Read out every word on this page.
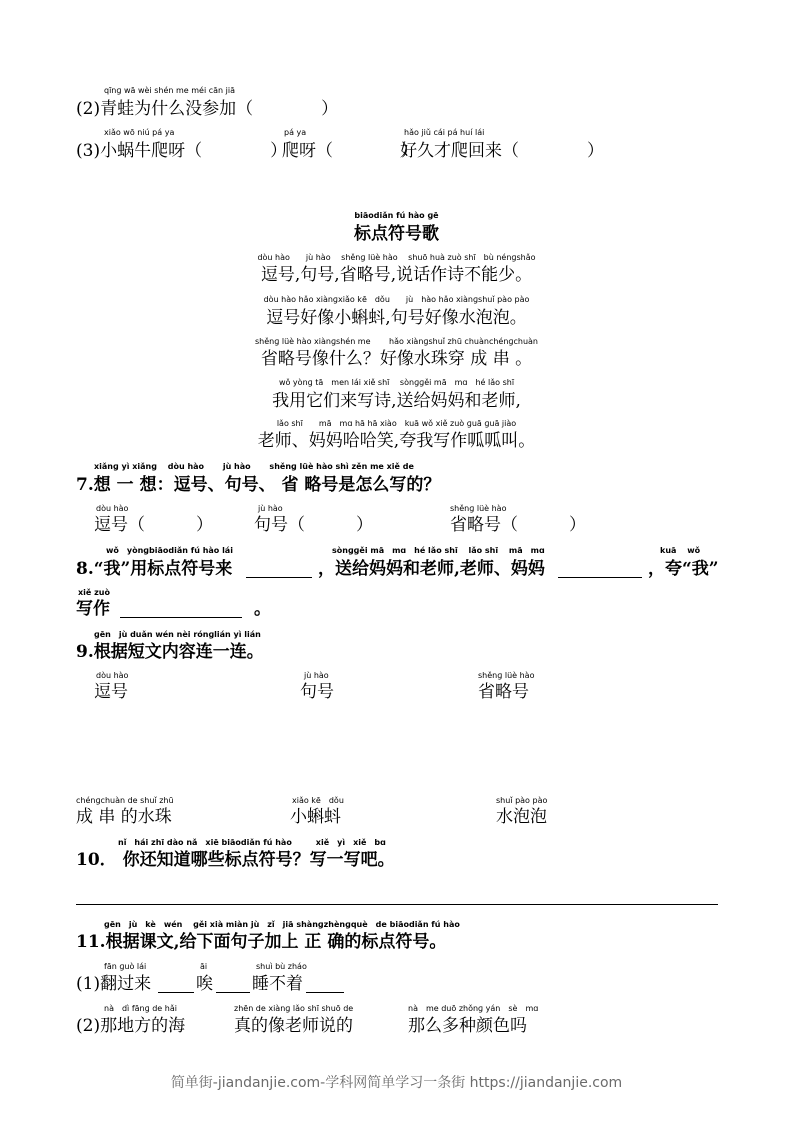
qīnɡ wā wèi shén me méi cān jiā
(2)青蛙为什么没参加（　　　　）
xiǎo wō niú pá ya	pá ya	hǎo jiǔ cái pá huí lái
(3)小蜗牛爬呀（　　　　）
爬呀（　　　　）
好久才爬回来（　　　　）
biāodiǎn fú hào ɡē
标点符号歌
dòu hào　　jù hào　 shěnɡ lüè hào　 shuō huà zuò shī　bù nénɡshǎo
逗号,句号,省略号,说话作诗不能少。
dòu hào hǎo xiànɡxiǎo kē　dǒu　　jù　hào hǎo xiànɡshuǐ pào pào
逗号好像小蝌蚪,句号好像水泡泡。
shěnɡ lüè hào xiànɡshén me　　 hǎo xiànɡshuǐ zhū chuànchénɡchuàn
省略号像什么？好像水珠穿 成 串 。
wǒ yònɡ tā　men lái xiě shī　 sònɡɡěi mā　mɑ　hé lǎo shī
我用它们来写诗,送给妈妈和老师,
lǎo shī　　mā　mɑ hā hā xiào　kuā wǒ xiě zuò ɡuā ɡuā jiào
老师、妈妈哈哈笑,夸我写作呱呱叫。
xiǎnɡ yì xiǎnɡ　 dòu hào　　 jù hào　　 shěnɡ lüè hào shì zěn me xiě de
7.想 一 想：逗号、句号、 省 略号是怎么写的？
dòu hào
逗号（　　　）
jù hào
句号（　　　）
shěnɡ lüè hào
省略号（　　　）
wǒ　yònɡbiāodiǎn fú hào lái	sònɡɡěi mā　mɑ　hé lǎo shī　 lǎo shī　 mā　mɑ	kuā　 wǒ
8.“我”用标点符号来	，送给妈妈和老师,老师、妈妈	，夸“我”
xiě zuò
写作	。
ɡēn　jù duǎn wén nèi rónɡlián yì lián
9.根据短文内容连一连。
dòu hào
逗号
jù hào
句号
shěnɡ lüè hào
省略号
chénɡchuàn de shuǐ zhū
成 串 的水珠
xiǎo kē　dǒu
小蝌蚪
shuǐ pào pào
水泡泡
nǐ　hái zhī dào nǎ　xiē biāodiǎn fú hào　　　xiě　yì　xiě　bɑ
10． 你还知道哪些标点符号？写一写吧。
ɡēn　jù　kè　wén　 ɡěi xià miàn jù　zǐ　jiā shànɡzhènɡquè　de biāodiǎn fú hào
11.根据课文,给下面句子加上 正 确的标点符号。
fān ɡuò lái	āi	shuì bù zháo
(1)翻过来	唉 睡不着
nà　dì fānɡ de hǎi	zhēn de xiànɡ lǎo shī shuō de	nà　me duō zhǒnɡ yán　sè　mɑ
(2)那地方的海	真的像老师说的	那么多种颜色吗
简单街-jiandanjie.com-学科网简单学习一条街 https://jiandanjie.com
